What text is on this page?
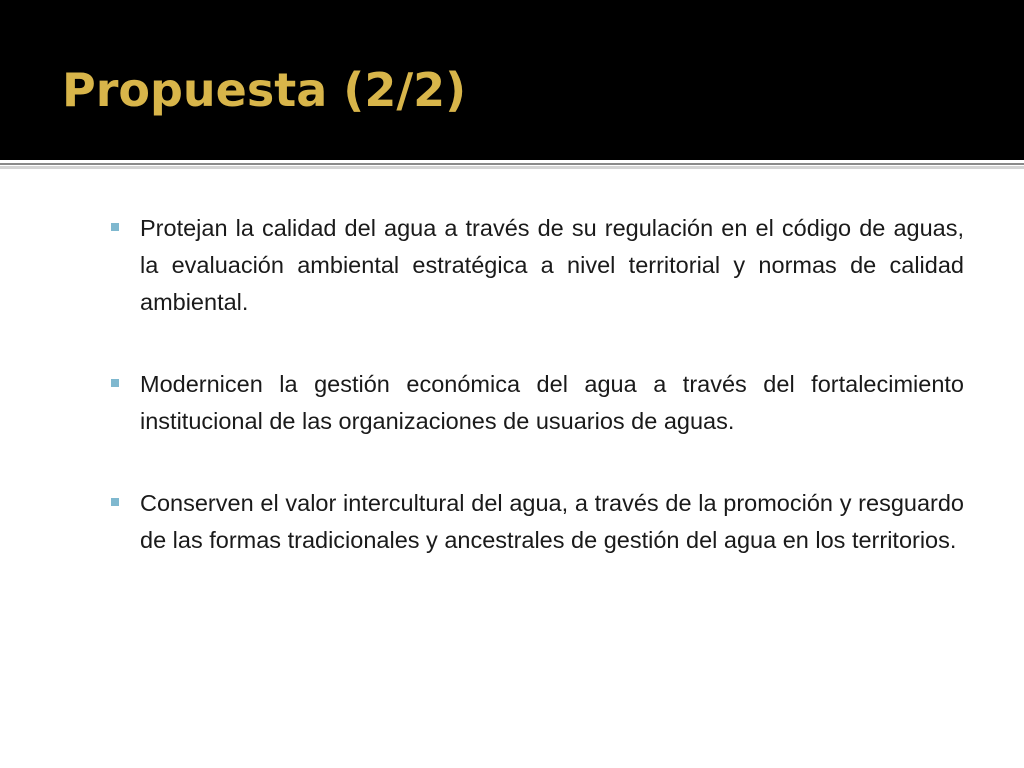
Propuesta (2/2)
Protejan la calidad del agua a través de su regulación en el código de aguas, la evaluación ambiental estratégica a nivel territorial y normas de calidad ambiental.
Modernicen la gestión económica del agua a través del fortalecimiento institucional de las organizaciones de usuarios de aguas.
Conserven el valor intercultural del agua, a través de la promoción y resguardo de las formas tradicionales y ancestrales de gestión del agua en los territorios.
